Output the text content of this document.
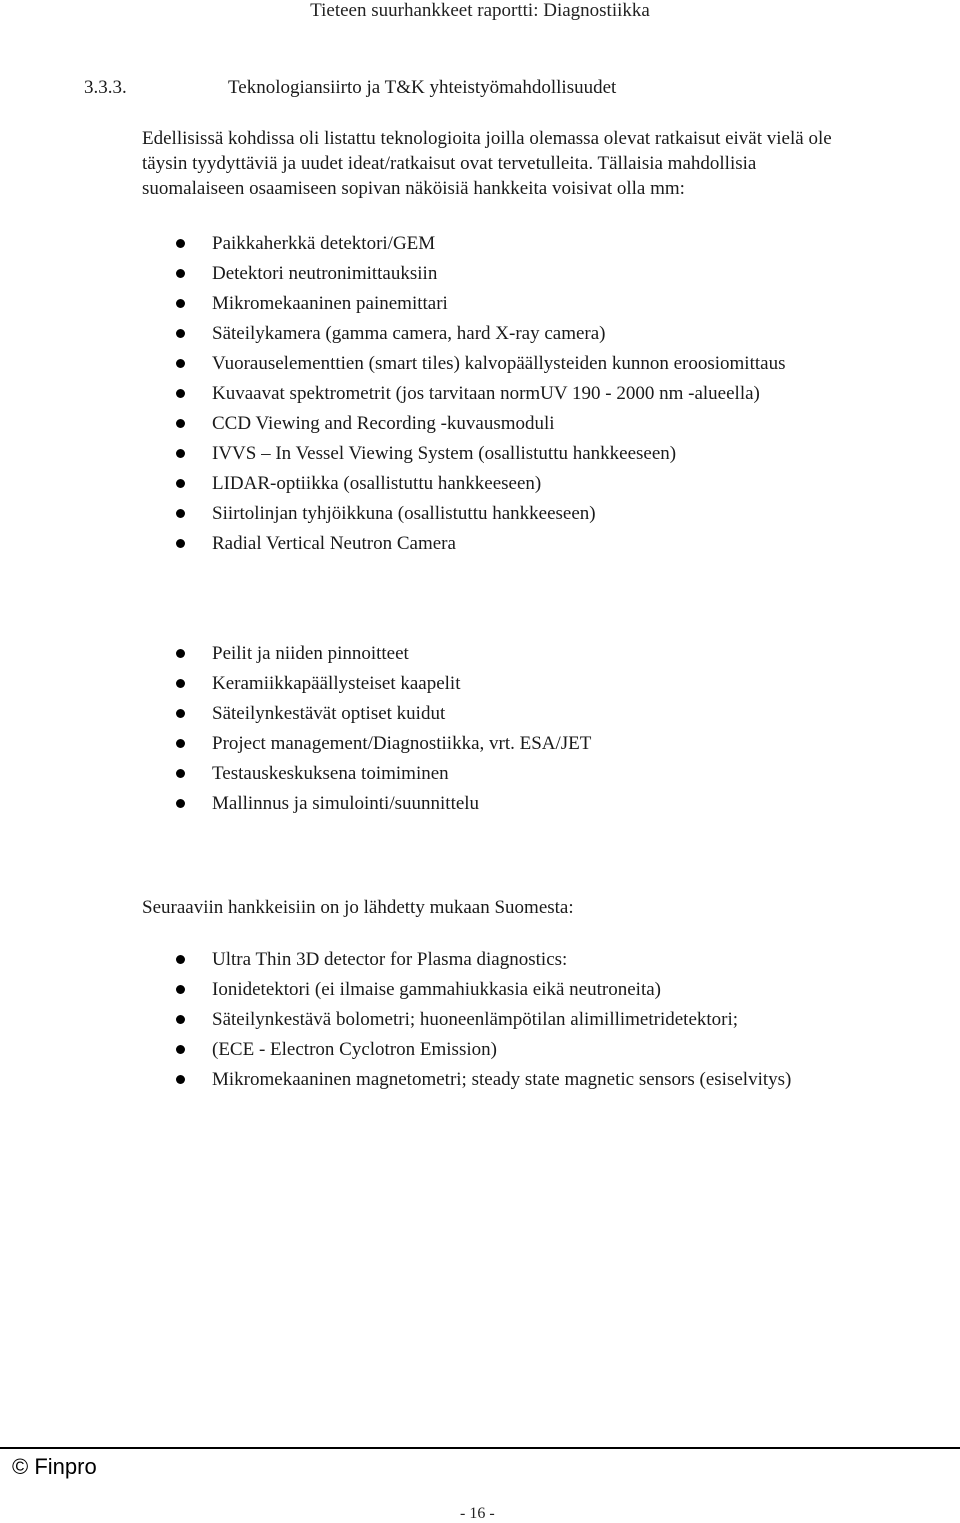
Tieteen suurhankkeet raportti: Diagnostiikka
3.3.3.	Teknologiansiirto ja T&K yhteistyömahdollisuudet
Edellisissä kohdissa oli listattu teknologioita joilla olemassa olevat ratkaisut eivät vielä ole
täysin tyydyttäviä ja uudet ideat/ratkaisut ovat tervetulleita. Tällaisia mahdollisia
suomalaiseen osaamiseen sopivan näköisiä hankkeita voisivat olla mm:
Paikkaherkkä detektori/GEM
Detektori neutronimittauksiin
Mikromekaaninen painemittari
Säteilykamera (gamma camera, hard X-ray camera)
Vuorauselementtien (smart tiles) kalvopäällysteiden kunnon eroosiomittaus
Kuvaavat spektrometrit (jos tarvitaan normUV 190 - 2000 nm -alueella)
CCD Viewing and Recording -kuvausmoduli
IVVS – In Vessel Viewing System (osallistuttu hankkeeseen)
LIDAR-optiikka (osallistuttu hankkeeseen)
Siirtolinjan tyhjöikkuna (osallistuttu hankkeeseen)
Radial Vertical Neutron Camera
Peilit ja niiden pinnoitteet
Keramiikkapäällysteiset kaapelit
Säteilynkestävät optiset kuidut
Project management/Diagnostiikka, vrt. ESA/JET
Testauskeskuksena toimiminen
Mallinnus ja simulointi/suunnittelu
Seuraaviin hankkeisiin on jo lähdetty mukaan Suomesta:
Ultra Thin 3D detector for Plasma diagnostics:
Ionidetektori (ei ilmaise gammahiukkasia eikä neutroneita)
Säteilynkestävä bolometri; huoneenlämpötilan alimillimetridetektori;
(ECE - Electron Cyclotron Emission)
Mikromekaaninen magnetometri; steady state magnetic sensors (esiselvitys)
© Finpro
- 16 -
